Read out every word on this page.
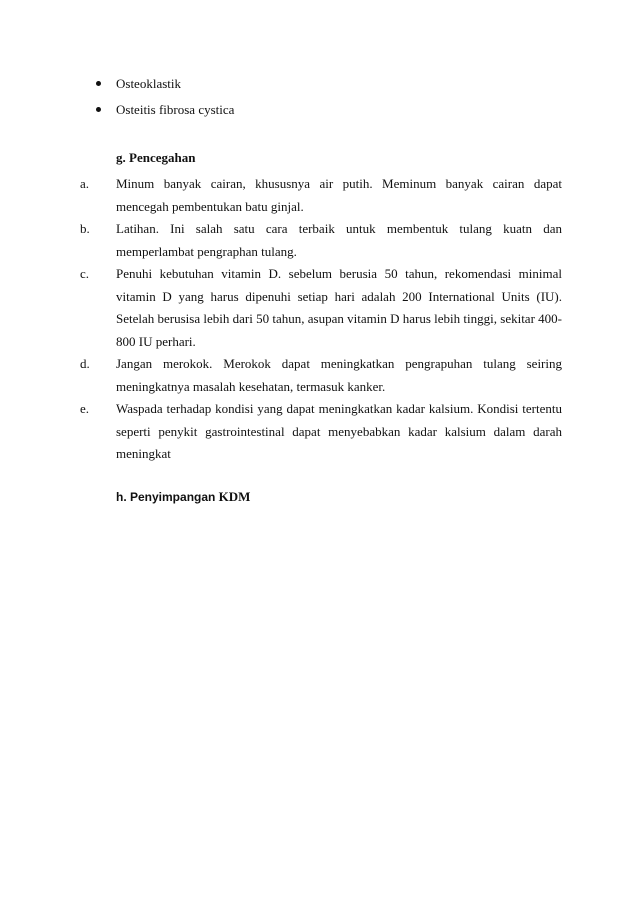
Osteoklastik
Osteitis fibrosa cystica
g. Pencegahan
a. Minum banyak cairan, khususnya air putih. Meminum banyak cairan dapat mencegah pembentukan batu ginjal.
b. Latihan. Ini salah satu cara terbaik untuk membentuk tulang kuatn dan memperlambat pengraphan tulang.
c. Penuhi kebutuhan vitamin D. sebelum berusia 50 tahun, rekomendasi minimal vitamin D yang harus dipenuhi setiap hari adalah 200 International Units (IU). Setelah berusisa lebih dari 50 tahun, asupan vitamin D harus lebih tinggi, sekitar 400-800 IU perhari.
d. Jangan merokok. Merokok dapat meningkatkan pengrapuhan tulang seiring meningkatnya masalah kesehatan, termasuk kanker.
e. Waspada terhadap kondisi yang dapat meningkatkan kadar kalsium. Kondisi tertentu seperti penykit gastrointestinal dapat menyebabkan kadar kalsium dalam darah meningkat
h. Penyimpangan KDM
